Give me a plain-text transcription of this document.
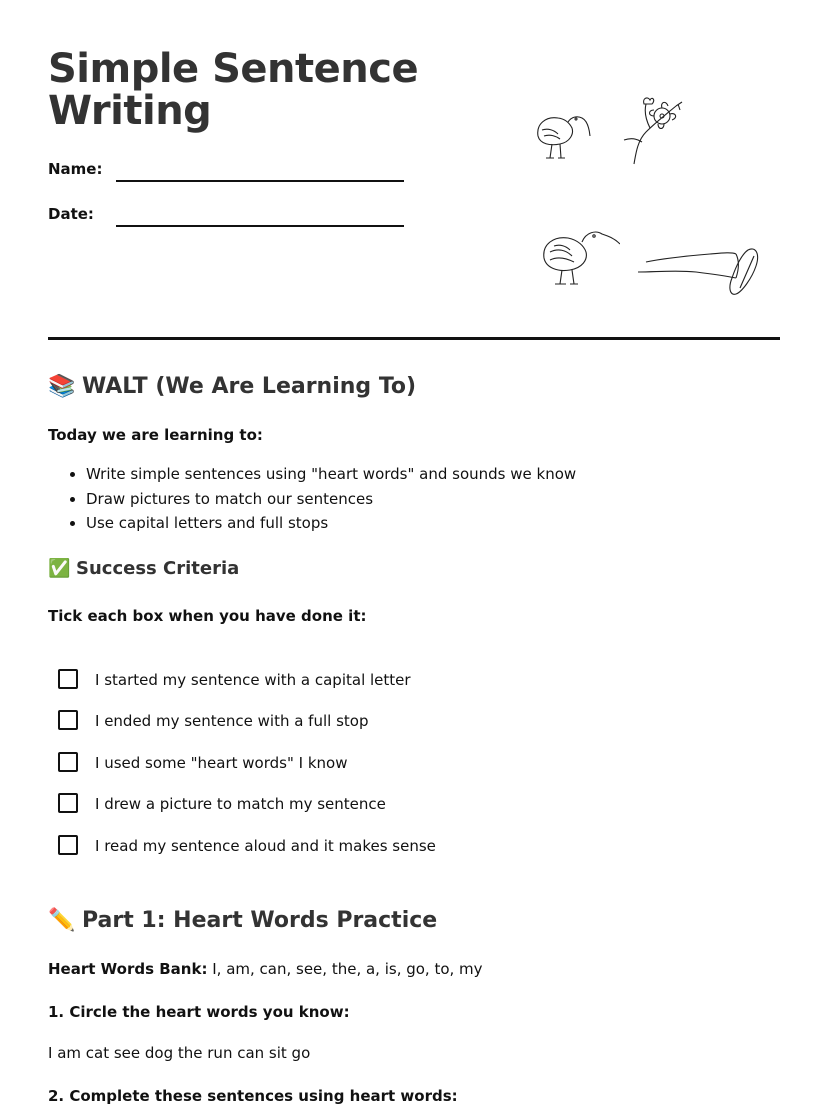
Simple Sentence Writing
Name:
Date:
📚 WALT (We Are Learning To)
Today we are learning to:
• Write simple sentences using "heart words" and sounds we know
• Draw pictures to match our sentences
• Use capital letters and full stops
✅ Success Criteria
Tick each box when you have done it:
I started my sentence with a capital letter
I ended my sentence with a full stop
I used some "heart words" I know
I drew a picture to match my sentence
I read my sentence aloud and it makes sense
✏️ Part 1: Heart Words Practice
Heart Words Bank: I, am, can, see, the, a, is, go, to, my
1. Circle the heart words you know:
I am cat see dog the run can sit go
2. Complete these sentences using heart words:
